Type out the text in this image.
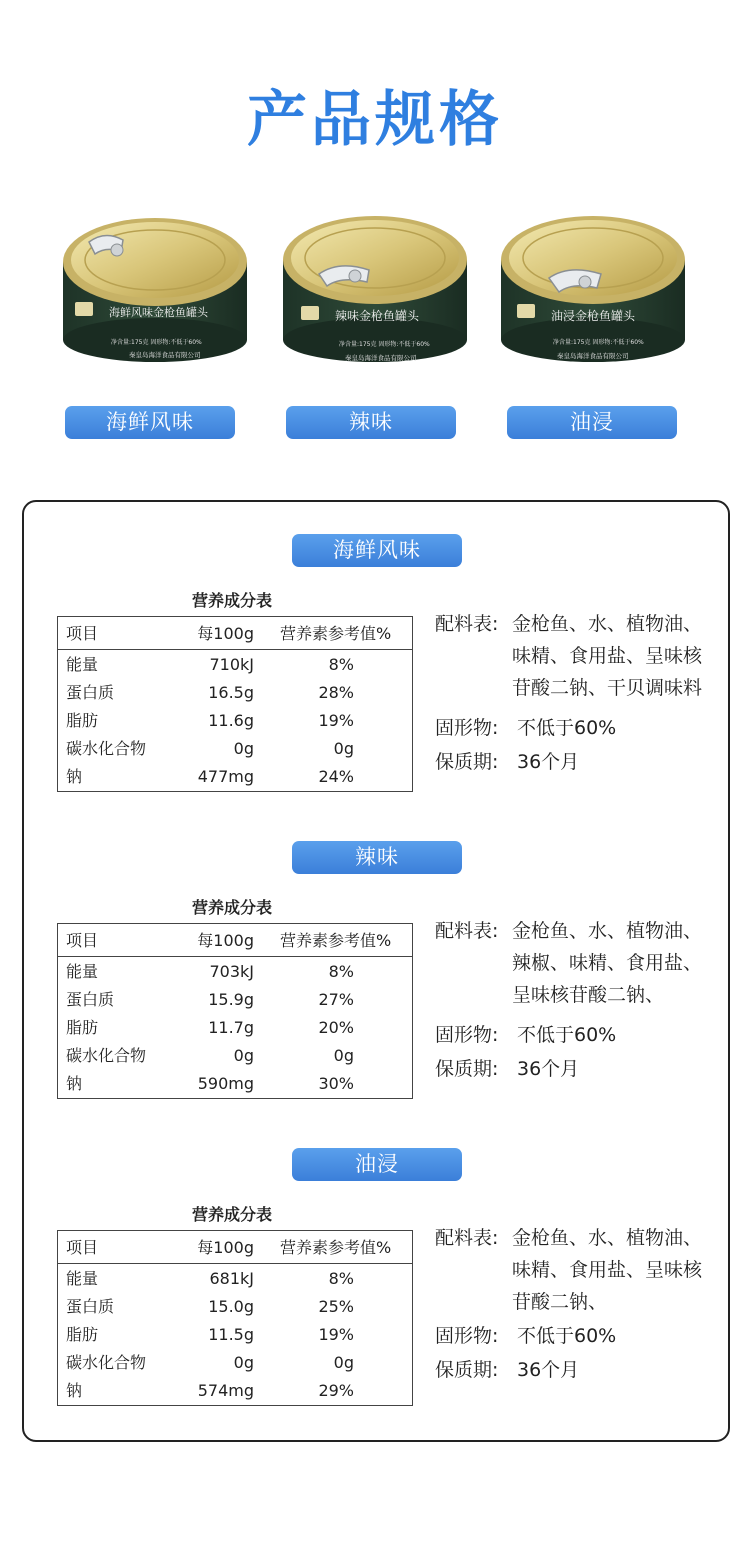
产品规格
海鲜风味金枪鱼罐头
净含量:175克 固形物:不低于60%
秦皇岛海洋食品有限公司
辣味金枪鱼罐头
净含量:175克 固形物:不低于60%
秦皇岛海洋食品有限公司
油浸金枪鱼罐头
净含量:175克 固形物:不低于60%
秦皇岛海洋食品有限公司
海鲜风味	辣味	油浸
海鲜风味
营养成分表
项目	每100g 营养素参考值%
能量	710kJ	8%
蛋白质	16.5g	28%
脂肪	11.6g	19%
碳水化合物	0g	0g
钠	477mg	24%
配料表: 金枪鱼、水、植物油、
味精、食用盐、呈味核
苷酸二钠、干贝调味料
固形物: 不低于60%
保质期: 36个月
辣味
营养成分表
项目	每100g 营养素参考值%
能量	703kJ	8%
蛋白质	15.9g	27%
脂肪	11.7g	20%
碳水化合物	0g	0g
钠	590mg	30%
配料表: 金枪鱼、水、植物油、
辣椒、味精、食用盐、
呈味核苷酸二钠、
固形物: 不低于60%
保质期: 36个月
油浸
营养成分表
项目	每100g 营养素参考值%
能量	681kJ	8%
蛋白质	15.0g	25%
脂肪	11.5g	19%
碳水化合物	0g	0g
钠	574mg	29%
配料表: 金枪鱼、水、植物油、
味精、食用盐、呈味核
苷酸二钠、
固形物: 不低于60%
保质期: 36个月
